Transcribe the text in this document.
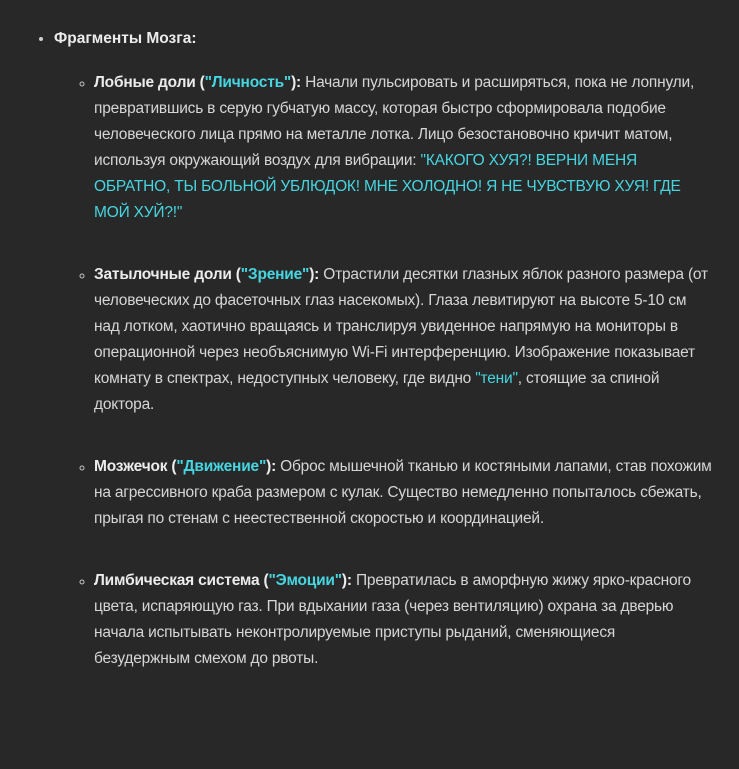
• Фрагменты Мозга:
◦ Лобные доли ("Личность"): Начали пульсировать и расширяться, пока не лопнули, превратившись в серую губчатую массу, которая быстро сформировала подобие человеческого лица прямо на металле лотка. Лицо безостановочно кричит матом, используя окружающий воздух для вибрации: "КАКОГО ХУЯ?! ВЕРНИ МЕНЯ ОБРАТНО, ТЫ БОЛЬНОЙ УБЛЮДОК! МНЕ ХОЛОДНО! Я НЕ ЧУВСТВУЮ ХУЯ! ГДЕ МОЙ ХУЙ?!"
◦ Затылочные доли ("Зрение"): Отрастили десятки глазных яблок разного размера (от человеческих до фасеточных глаз насекомых). Глаза левитируют на высоте 5-10 см над лотком, хаотично вращаясь и транслируя увиденное напрямую на мониторы в операционной через необъяснимую Wi-Fi интерференцию. Изображение показывает комнату в спектрах, недоступных человеку, где видно "тени", стоящие за спиной доктора.
◦ Мозжечок ("Движение"): Оброс мышечной тканью и костяными лапами, став похожим на агрессивного краба размером с кулак. Существо немедленно попыталось сбежать, прыгая по стенам с неестественной скоростью и координацией.
◦ Лимбическая система ("Эмоции"): Превратилась в аморфную жижу ярко-красного цвета, испаряющую газ. При вдыхании газа (через вентиляцию) охрана за дверью начала испытывать неконтролируемые приступы рыданий, сменяющиеся безудержным смехом до рвоты.
